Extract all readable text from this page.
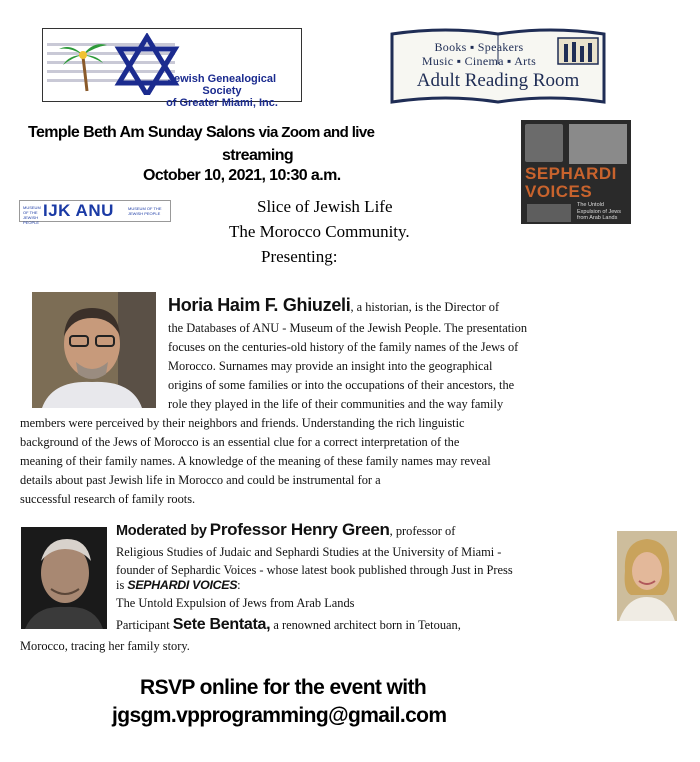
Jewish Genealogical Society
of Greater Miami, Inc.
Books ▪ Speakers
Music ▪ Cinema ▪ Arts
Adult Reading Room
Temple Beth Am Sunday Salons via Zoom and live
streaming
October 10, 2021, 10:30 a.m.	SEPHARDI
VOICES
The Untold Expulsion of Jews from Arab Lands
MUSEUM OF THE JEWISH PEOPLE
IJK ANU	MUSEUM OF THE JEWISH PEOPLE	Slice of Jewish Life
The Morocco Community.
Presenting:
Horia Haim F. Ghiuzeli, a historian, is the Director of
the Databases of ANU - Museum of the Jewish People. The presentation
focuses on the centuries-old history of the family names of the Jews of
Morocco. Surnames may provide an insight into the geographical
origins of some families or into the occupations of their ancestors, the
role they played in the life of their communities and the way family
members were perceived by their neighbors and friends. Understanding the rich linguistic
background of the Jews of Morocco is an essential clue for a correct interpretation of the
meaning of their family names. A knowledge of the meaning of these family names may reveal
details about past Jewish life in Morocco and could be instrumental for a
successful research of family roots.
Moderated by Professor Henry Green, professor of
Religious Studies of Judaic and Sephardi Studies at the University of Miami -
founder of Sephardic Voices - whose latest book published through Just in Press
is SEPHARDI VOICES:
The Untold Expulsion of Jews from Arab Lands
Participant Sete Bentata, a renowned architect born in Tetouan,
Morocco, tracing her family story.
RSVP online for the event with
jgsgm.vpprogramming@gmail.com
